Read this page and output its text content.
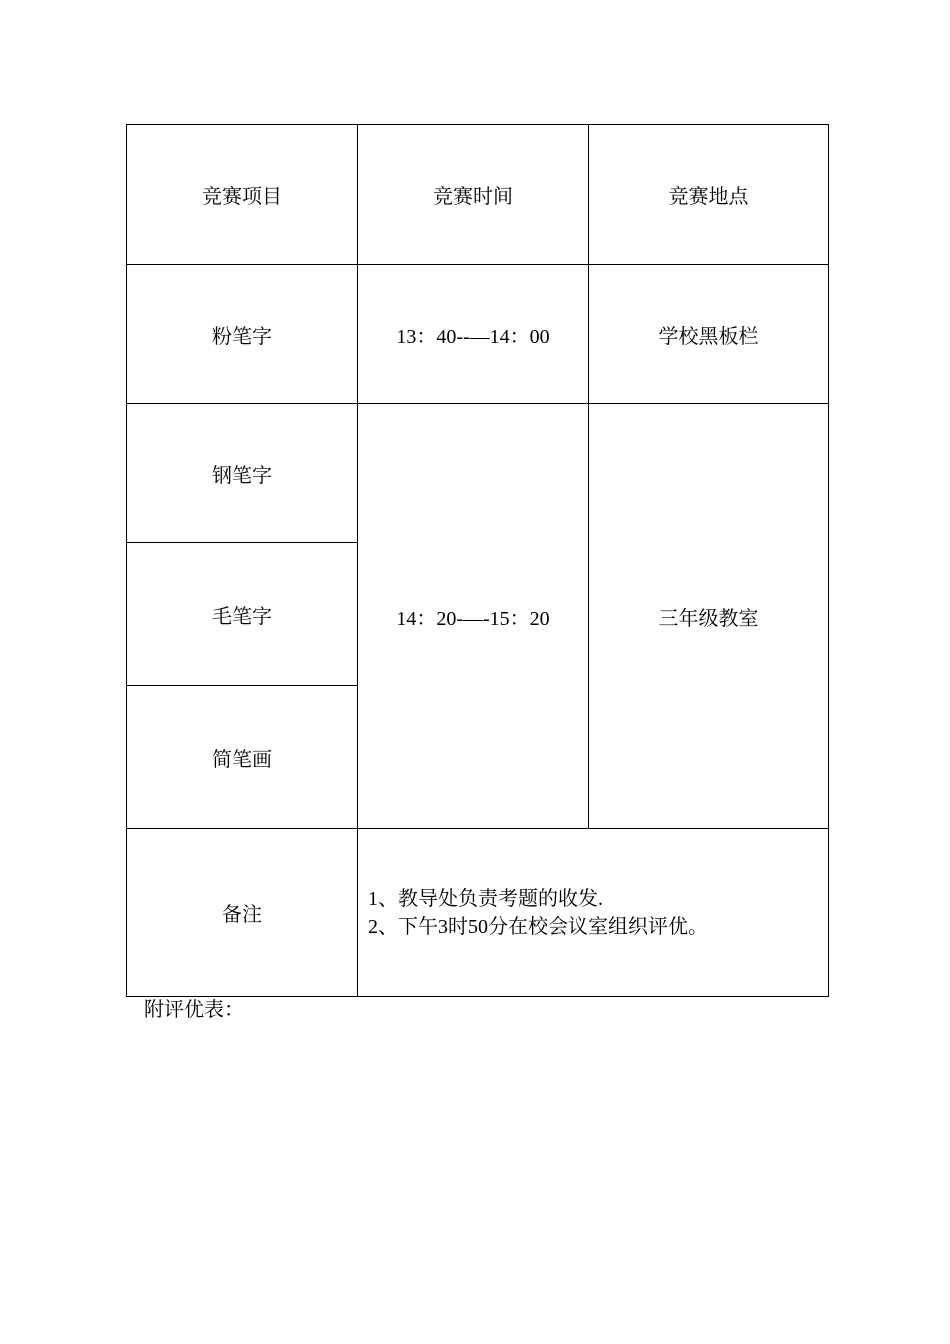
竞赛项目	竞赛时间	竞赛地点
粉笔字	13：40--—14：00	学校黑板栏
钢笔字	14：20-—-15：20	三年级教室
毛笔字		
简笔画		
备注	1、教导处负责考题的收发.
2、下午3时50分在校会议室组织评优。	
附评优表：
